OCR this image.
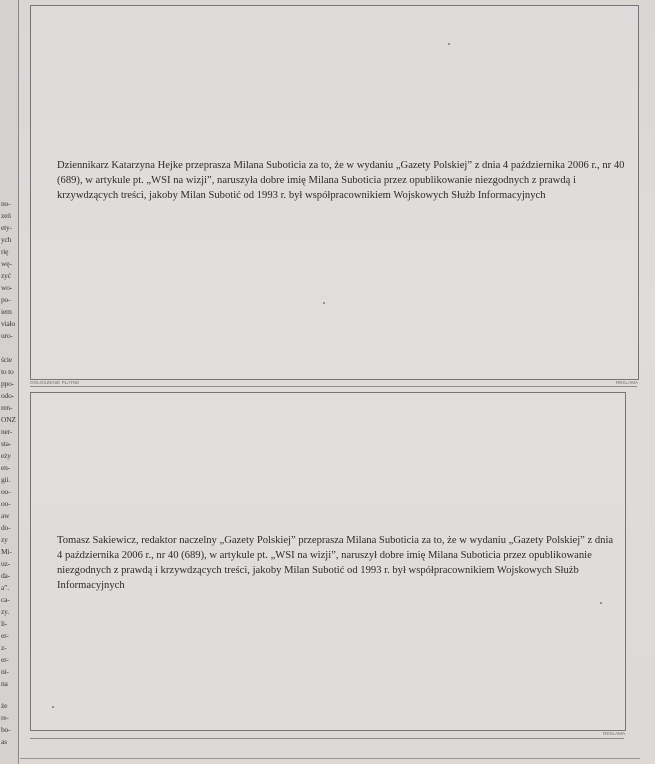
no-
zeń
ety-
ych
rię
wę-
zyć
wo-
po-
iem
viało
uro-
ście
to to
ppo-
odo-
ren-
ONZ
ner-
sta-
eży
en-
gii.
oo-
oo-
aw
do-
zy
Mi-
uz-
da-
a”.
ca-
zy.
li-
er-
z-
er-
ni-
na
że
re-
bo-
as
Dziennikarz Katarzyna Hejke przeprasza Milana Suboticia za to, że w wydaniu „Gazety Polskiej” z dnia 4 października 2006 r., nr 40 (689), w artykule pt. „WSI na wizji”, naruszyła dobre imię Milana Suboticia przez opublikowanie niezgodnych z prawdą i krzywdzących treści, jakoby Milan Subotić od 1993 r. był współpracownikiem Wojskowych Służb Informacyjnych
OGŁOSZENIE PŁATNE	REKLAMA
Tomasz Sakiewicz, redaktor naczelny „Gazety Polskiej” przeprasza Milana Suboticia za to, że w wydaniu „Gazety Polskiej” z dnia 4 października 2006 r., nr 40 (689), w artykule pt. „WSI na wizji”, naruszył dobre imię Milana Suboticia przez opublikowanie niezgodnych z prawdą i krzywdzących treści, jakoby Milan Subotić od 1993 r. był współpracownikiem Wojskowych Służb Informacyjnych
REKLAMA
